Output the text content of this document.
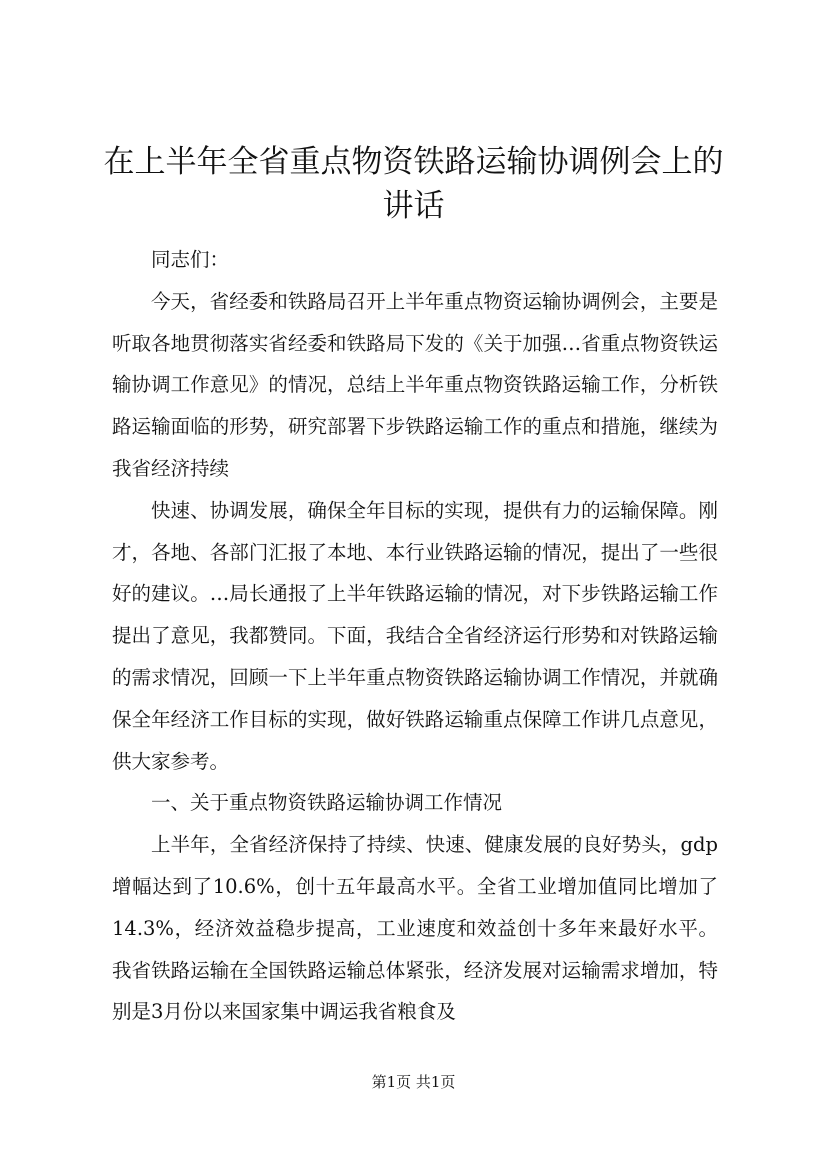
在上半年全省重点物资铁路运输协调例会上的
讲话

同志们：

今天，省经委和铁路局召开上半年重点物资运输协调例会，主要是听取各地贯彻落实省经委和铁路局下发的《关于加强…省重点物资铁运输协调工作意见》的情况，总结上半年重点物资铁路运输工作，分析铁路运输面临的形势，研究部署下步铁路运输工作的重点和措施，继续为我省经济持续

快速、协调发展，确保全年目标的实现，提供有力的运输保障。刚才，各地、各部门汇报了本地、本行业铁路运输的情况，提出了一些很好的建议。…局长通报了上半年铁路运输的情况，对下步铁路运输工作提出了意见，我都赞同。下面，我结合全省经济运行形势和对铁路运输的需求情况，回顾一下上半年重点物资铁路运输协调工作情况，并就确保全年经济工作目标的实现，做好铁路运输重点保障工作讲几点意见，供大家参考。

一、关于重点物资铁路运输协调工作情况

上半年，全省经济保持了持续、快速、健康发展的良好势头，gdp增幅达到了10.6%，创十五年最高水平。全省工业增加值同比增加了14.3%，经济效益稳步提高，工业速度和效益创十多年来最好水平。我省铁路运输在全国铁路运输总体紧张，经济发展对运输需求增加，特别是3月份以来国家集中调运我省粮食及

第1页 共1页
